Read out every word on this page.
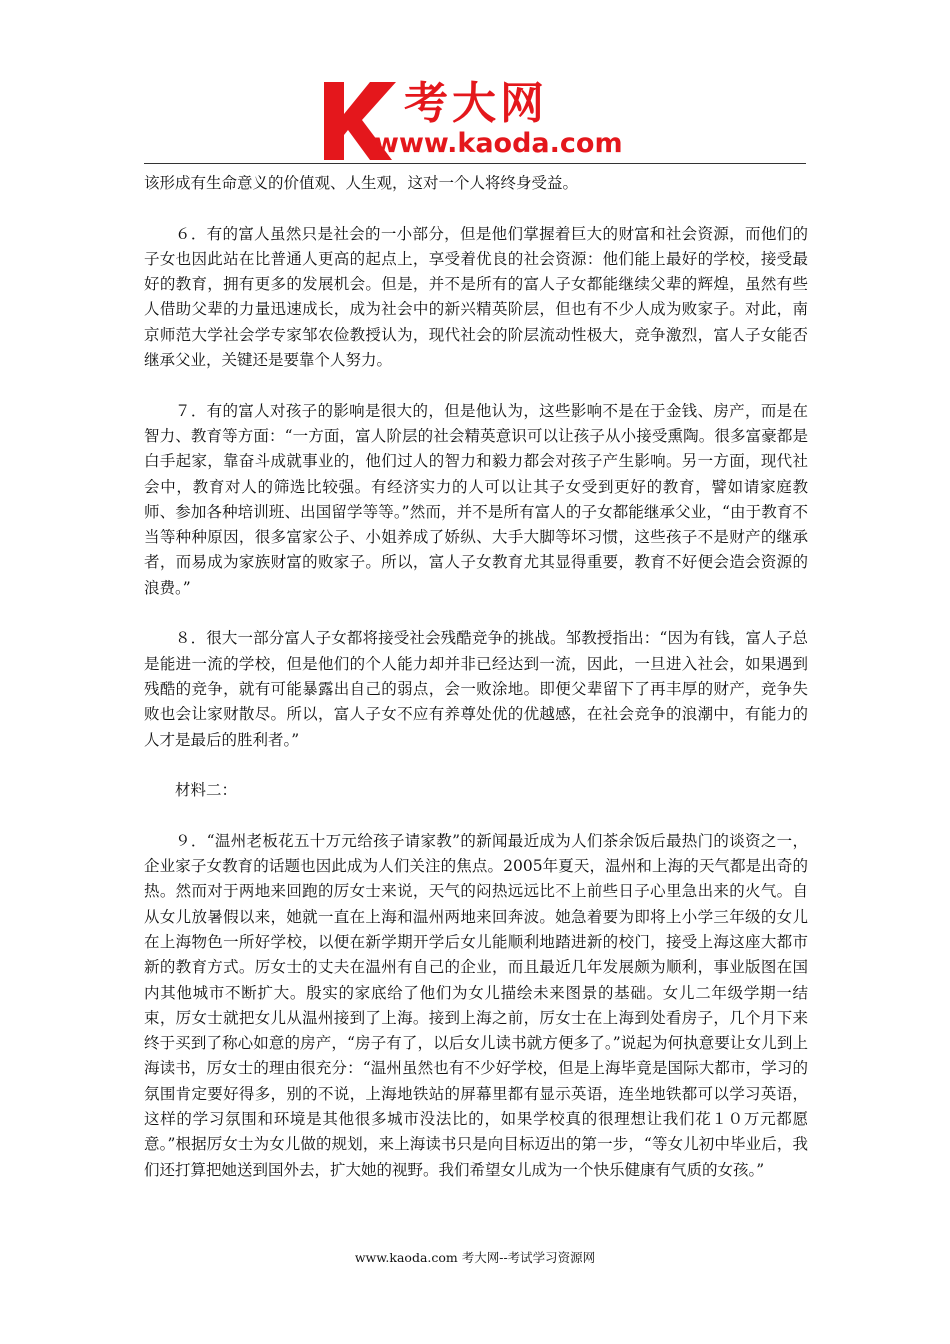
考大网
www.kaoda.com

该形成有生命意义的价值观、人生观，这对一个人将终身受益。

６．有的富人虽然只是社会的一小部分，但是他们掌握着巨大的财富和社会资源，而他们的子女也因此站在比普通人更高的起点上，享受着优良的社会资源：他们能上最好的学校，接受最好的教育，拥有更多的发展机会。但是，并不是所有的富人子女都能继续父辈的辉煌，虽然有些人借助父辈的力量迅速成长，成为社会中的新兴精英阶层，但也有不少人成为败家子。对此，南京师范大学社会学专家邹农俭教授认为，现代社会的阶层流动性极大，竞争激烈，富人子女能否继承父业，关键还是要靠个人努力。

７．有的富人对孩子的影响是很大的，但是他认为，这些影响不是在于金钱、房产，而是在智力、教育等方面：“一方面，富人阶层的社会精英意识可以让孩子从小接受熏陶。很多富豪都是白手起家，靠奋斗成就事业的，他们过人的智力和毅力都会对孩子产生影响。另一方面，现代社会中，教育对人的筛选比较强。有经济实力的人可以让其子女受到更好的教育，譬如请家庭教师、参加各种培训班、出国留学等等。”然而，并不是所有富人的子女都能继承父业，“由于教育不当等种种原因，很多富家公子、小姐养成了娇纵、大手大脚等坏习惯，这些孩子不是财产的继承者，而易成为家族财富的败家子。所以，富人子女教育尤其显得重要，教育不好便会造会资源的浪费。”

８．很大一部分富人子女都将接受社会残酷竞争的挑战。邹教授指出：“因为有钱，富人子总是能进一流的学校，但是他们的个人能力却并非已经达到一流，因此，一旦进入社会，如果遇到残酷的竞争，就有可能暴露出自己的弱点，会一败涂地。即便父辈留下了再丰厚的财产，竞争失败也会让家财散尽。所以，富人子女不应有养尊处优的优越感，在社会竞争的浪潮中，有能力的人才是最后的胜利者。”

材料二：

９．“温州老板花五十万元给孩子请家教”的新闻最近成为人们茶余饭后最热门的谈资之一，企业家子女教育的话题也因此成为人们关注的焦点。2005年夏天，温州和上海的天气都是出奇的热。然而对于两地来回跑的厉女士来说，天气的闷热远远比不上前些日子心里急出来的火气。自从女儿放暑假以来，她就一直在上海和温州两地来回奔波。她急着要为即将上小学三年级的女儿在上海物色一所好学校，以便在新学期开学后女儿能顺利地踏进新的校门，接受上海这座大都市新的教育方式。厉女士的丈夫在温州有自己的企业，而且最近几年发展颇为顺利，事业版图在国内其他城市不断扩大。殷实的家底给了他们为女儿描绘未来图景的基础。女儿二年级学期一结束，厉女士就把女儿从温州接到了上海。接到上海之前，厉女士在上海到处看房子，几个月下来终于买到了称心如意的房产，“房子有了，以后女儿读书就方便多了。”说起为何执意要让女儿到上海读书，厉女士的理由很充分：“温州虽然也有不少好学校，但是上海毕竟是国际大都市，学习的氛围肯定要好得多，别的不说，上海地铁站的屏幕里都有显示英语，连坐地铁都可以学习英语，这样的学习氛围和环境是其他很多城市没法比的，如果学校真的很理想让我们花１０万元都愿意。”根据厉女士为女儿做的规划，来上海读书只是向目标迈出的第一步，“等女儿初中毕业后，我们还打算把她送到国外去，扩大她的视野。我们希望女儿成为一个快乐健康有气质的女孩。”

www.kaoda.com 考大网--考试学习资源网
